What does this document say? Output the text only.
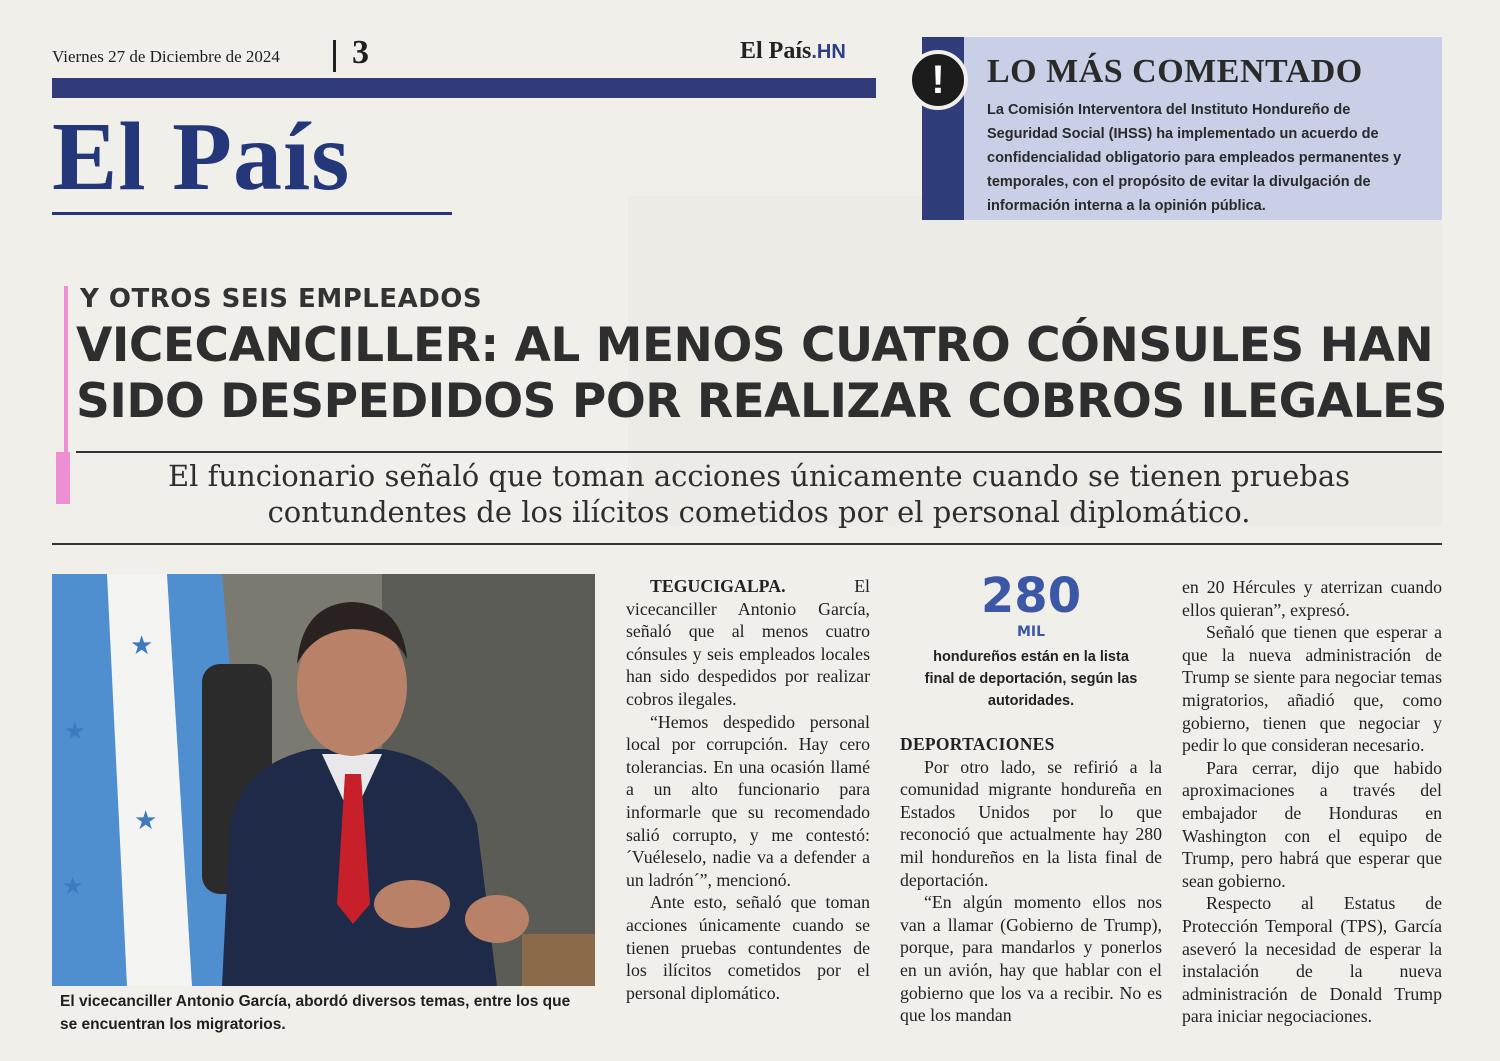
Viernes 27 de Diciembre de 2024 3	El País.HN
El País
!	LO MÁS COMENTADO
La Comisión Interventora del Instituto Hondureño de Seguridad Social (IHSS) ha implementado un acuerdo de confidencialidad obligatorio para empleados permanentes y temporales, con el propósito de evitar la divulgación de información interna a la opinión pública.
Y OTROS SEIS EMPLEADOS
VICECANCILLER: AL MENOS CUATRO CÓNSULES HAN SIDO DESPEDIDOS POR REALIZAR COBROS ILEGALES
El funcionario señaló que toman acciones únicamente cuando se tienen pruebas contundentes de los ilícitos cometidos por el personal diplomático.
★
★
★
★
El vicecanciller Antonio García, abordó diversos temas, entre los que se encuentran los migratorios.

TEGUCIGALPA.	El vicecanciller Antonio García, señaló que al menos cuatro cónsules y seis empleados locales han sido despedidos por realizar cobros ilegales.

“Hemos despedido personal local por corrupción. Hay cero tolerancias. En una ocasión llamé a un alto funcionario para informarle que su recomendado salió corrupto, y me contestó: ´Vuéleselo, nadie va a defender a un ladrón´”, mencionó.

Ante esto, señaló que toman acciones únicamente cuando se tienen pruebas contundentes de los ilícitos cometidos por el personal diplomático.

280
MIL
hondureños están en la lista final de deportación, según las autoridades.

DEPORTACIONES

Por otro lado, se refirió a la comunidad migrante hondureña en Estados Unidos por lo que reconoció que actualmente hay 280 mil hondureños en la lista final de deportación.

“En algún momento ellos nos van a llamar (Gobierno de Trump), porque, para mandarlos y ponerlos en un avión, hay que hablar con el gobierno que los va a recibir. No es que los mandan

en 20 Hércules y aterrizan cuando ellos quieran”, expresó.

Señaló que tienen que esperar a que la nueva administración de Trump se siente para negociar temas migratorios, añadió que, como gobierno, tienen que negociar y pedir lo que consideran necesario.

Para cerrar, dijo que habido aproximaciones a través del embajador de Honduras en Washington con el equipo de Trump, pero habrá que esperar que sean gobierno.

Respecto al Estatus de Protección Temporal (TPS), García aseveró la necesidad de esperar la instalación de la nueva administración de Donald Trump para iniciar negociaciones.
